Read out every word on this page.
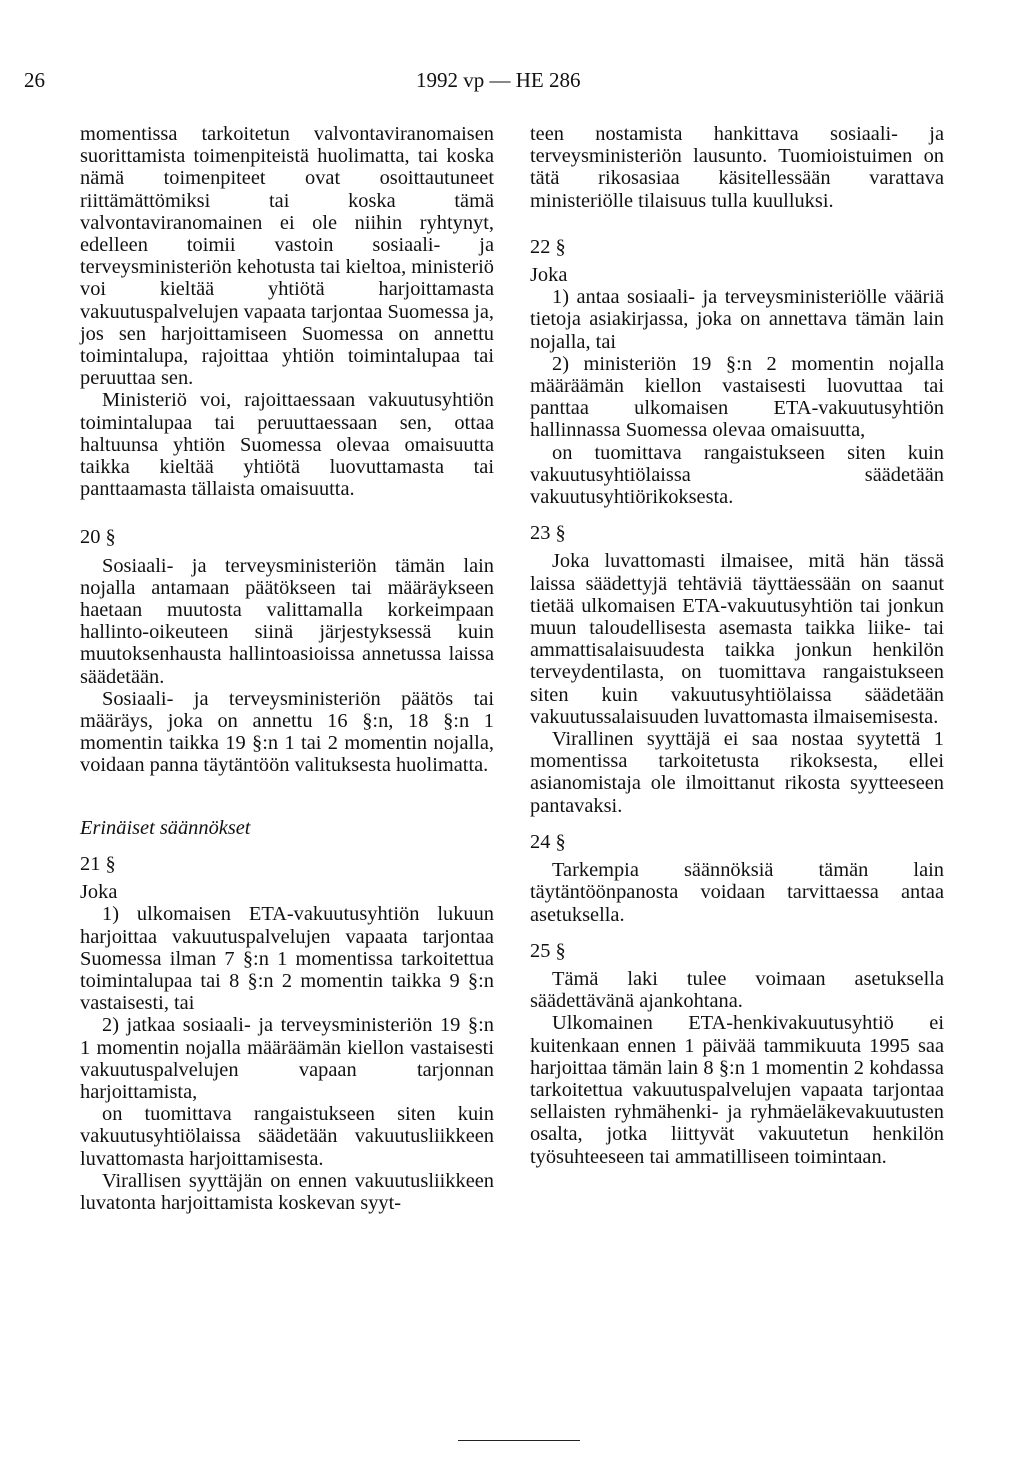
26	1992 vp — HE 286

momentissa tarkoitetun valvontaviranomaisen suorittamista toimenpiteistä huolimatta, tai koska nämä toimenpiteet ovat osoittautuneet riittämättömiksi tai koska tämä valvontaviranomainen ei ole niihin ryhtynyt, edelleen toimii vastoin sosiaali- ja terveysministeriön kehotusta tai kieltoa, ministeriö voi kieltää yhtiötä harjoittamasta vakuutuspalvelujen vapaata tarjontaa Suomessa ja, jos sen harjoittamiseen Suomessa on annettu toimintalupa, rajoittaa yhtiön toimintalupaa tai peruuttaa sen.

Ministeriö voi, rajoittaessaan vakuutusyhtiön toimintalupaa tai peruuttaessaan sen, ottaa haltuunsa yhtiön Suomessa olevaa omaisuutta taikka kieltää yhtiötä luovuttamasta tai panttaamasta tällaista omaisuutta.

20 §

Sosiaali- ja terveysministeriön tämän lain nojalla antamaan päätökseen tai määräykseen haetaan muutosta valittamalla korkeimpaan hallinto-oikeuteen siinä järjestyksessä kuin muutoksenhausta hallintoasioissa annetussa laissa säädetään.

Sosiaali- ja terveysministeriön päätös tai määräys, joka on annettu 16 §:n, 18 §:n 1 momentin taikka 19 §:n 1 tai 2 momentin nojalla, voidaan panna täytäntöön valituksesta huolimatta.

Erinäiset säännökset

21 §

Joka

1) ulkomaisen ETA-vakuutusyhtiön lukuun harjoittaa vakuutuspalvelujen vapaata tarjontaa Suomessa ilman 7 §:n 1 momentissa tarkoitettua toimintalupaa tai 8 §:n 2 momentin taikka 9 §:n vastaisesti, tai

2) jatkaa sosiaali- ja terveysministeriön 19 §:n 1 momentin nojalla määräämän kiellon vastaisesti vakuutuspalvelujen vapaan tarjonnan harjoittamista,

on tuomittava rangaistukseen siten kuin vakuutusyhtiölaissa säädetään vakuutusliikkeen luvattomasta harjoittamisesta.

Virallisen syyttäjän on ennen vakuutusliikkeen luvatonta harjoittamista koskevan syyt-

teen nostamista hankittava sosiaali- ja terveysministeriön lausunto. Tuomioistuimen on tätä rikosasiaa käsitellessään varattava ministeriölle tilaisuus tulla kuulluksi.

22 §

Joka

1) antaa sosiaali- ja terveysministeriölle vääriä tietoja asiakirjassa, joka on annettava tämän lain nojalla, tai

2) ministeriön 19 §:n 2 momentin nojalla määräämän kiellon vastaisesti luovuttaa tai panttaa ulkomaisen ETA-vakuutusyhtiön hallinnassa Suomessa olevaa omaisuutta,

on tuomittava rangaistukseen siten kuin vakuutusyhtiölaissa säädetään vakuutusyhtiörikoksesta.

23 §

Joka luvattomasti ilmaisee, mitä hän tässä laissa säädettyjä tehtäviä täyttäessään on saanut tietää ulkomaisen ETA-vakuutusyhtiön tai jonkun muun taloudellisesta asemasta taikka liike- tai ammattisalaisuudesta taikka jonkun henkilön terveydentilasta, on tuomittava rangaistukseen siten kuin vakuutusyhtiölaissa säädetään vakuutussalaisuuden luvattomasta ilmaisemisesta.

Virallinen syyttäjä ei saa nostaa syytettä 1 momentissa tarkoitetusta rikoksesta, ellei asianomistaja ole ilmoittanut rikosta syytteeseen pantavaksi.

24 §

Tarkempia säännöksiä tämän lain täytäntöönpanosta voidaan tarvittaessa antaa asetuksella.

25 §

Tämä laki tulee voimaan asetuksella säädettävänä ajankohtana.

Ulkomainen ETA-henkivakuutusyhtiö ei kuitenkaan ennen 1 päivää tammikuuta 1995 saa harjoittaa tämän lain 8 §:n 1 momentin 2 kohdassa tarkoitettua vakuutuspalvelujen vapaata tarjontaa sellaisten ryhmähenki- ja ryhmäeläkevakuutusten osalta, jotka liittyvät vakuutetun henkilön työsuhteeseen tai ammatilliseen toimintaan.
